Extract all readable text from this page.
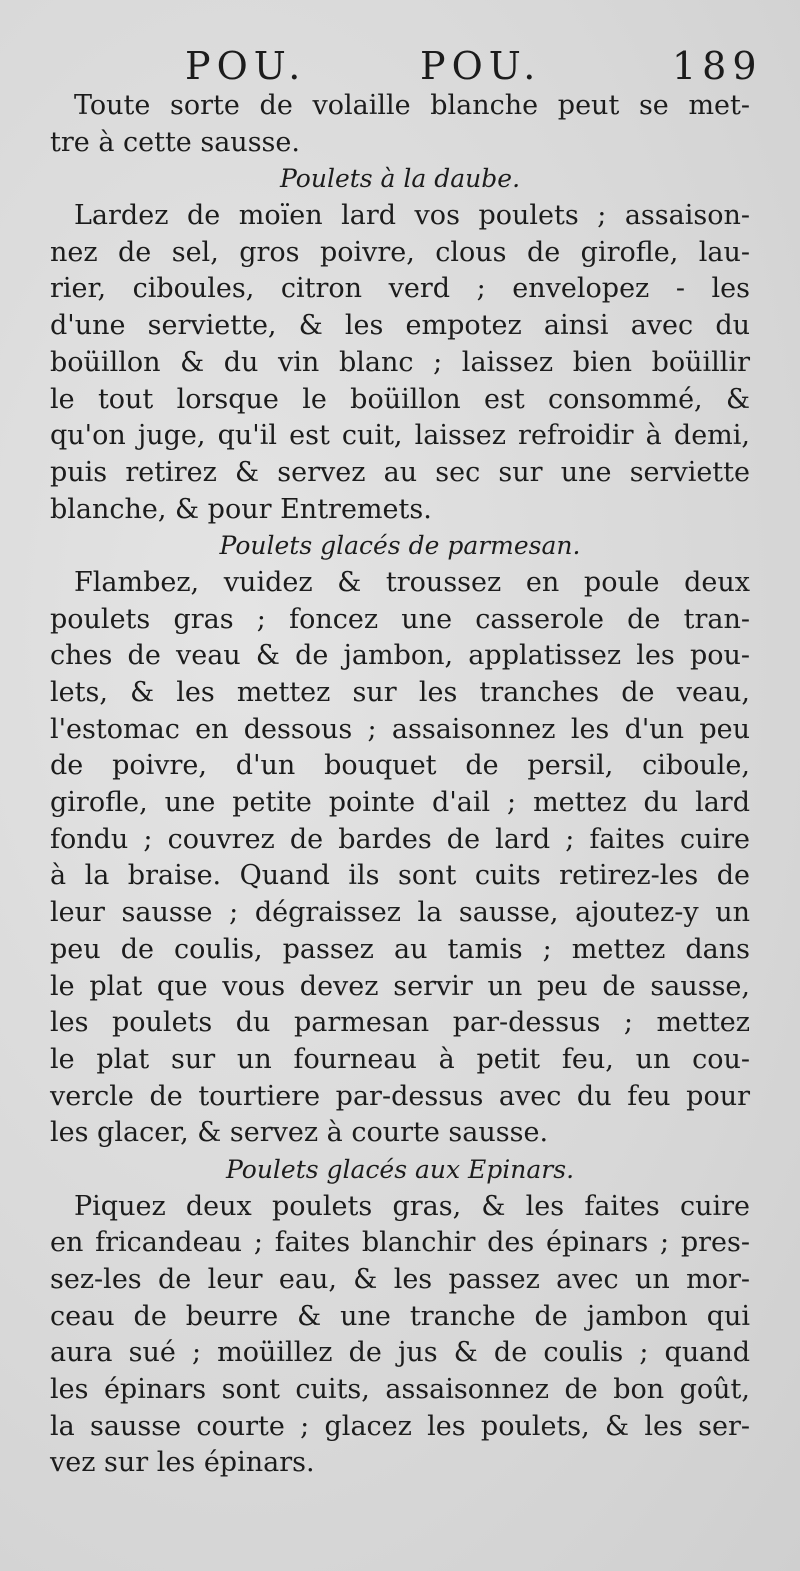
POU.	POU.	189
Toute sorte de volaille blanche peut se met-
tre à cette sausse.
Poulets à la daube.
Lardez de moïen lard vos poulets ; assaison-
nez de sel, gros poivre, clous de girofle, lau-
rier, ciboules, citron verd ; envelopez - les
d'une serviette, & les empotez ainsi avec du
boüillon & du vin blanc ; laissez bien boüillir
le tout lorsque le boüillon est consommé, &
qu'on juge, qu'il est cuit, laissez refroidir à demi,
puis retirez & servez au sec sur une serviette
blanche, & pour Entremets.
Poulets glacés de parmesan.
Flambez, vuidez & troussez en poule deux
poulets gras ; foncez une casserole de tran-
ches de veau & de jambon, applatissez les pou-
lets, & les mettez sur les tranches de veau,
l'estomac en dessous ; assaisonnez les d'un peu
de poivre, d'un bouquet de persil, ciboule,
girofle, une petite pointe d'ail ; mettez du lard
fondu ; couvrez de bardes de lard ; faites cuire
à la braise. Quand ils sont cuits retirez-les de
leur sausse ; dégraissez la sausse, ajoutez-y un
peu de coulis, passez au tamis ; mettez dans
le plat que vous devez servir un peu de sausse,
les poulets du parmesan par-dessus ; mettez
le plat sur un fourneau à petit feu, un cou-
vercle de tourtiere par-dessus avec du feu pour
les glacer, & servez à courte sausse.
Poulets glacés aux Epinars.
Piquez deux poulets gras, & les faites cuire
en fricandeau ; faites blanchir des épinars ; pres-
sez-les de leur eau, & les passez avec un mor-
ceau de beurre & une tranche de jambon qui
aura sué ; moüillez de jus & de coulis ; quand
les épinars sont cuits, assaisonnez de bon goût,
la sausse courte ; glacez les poulets, & les ser-
vez sur les épinars.
